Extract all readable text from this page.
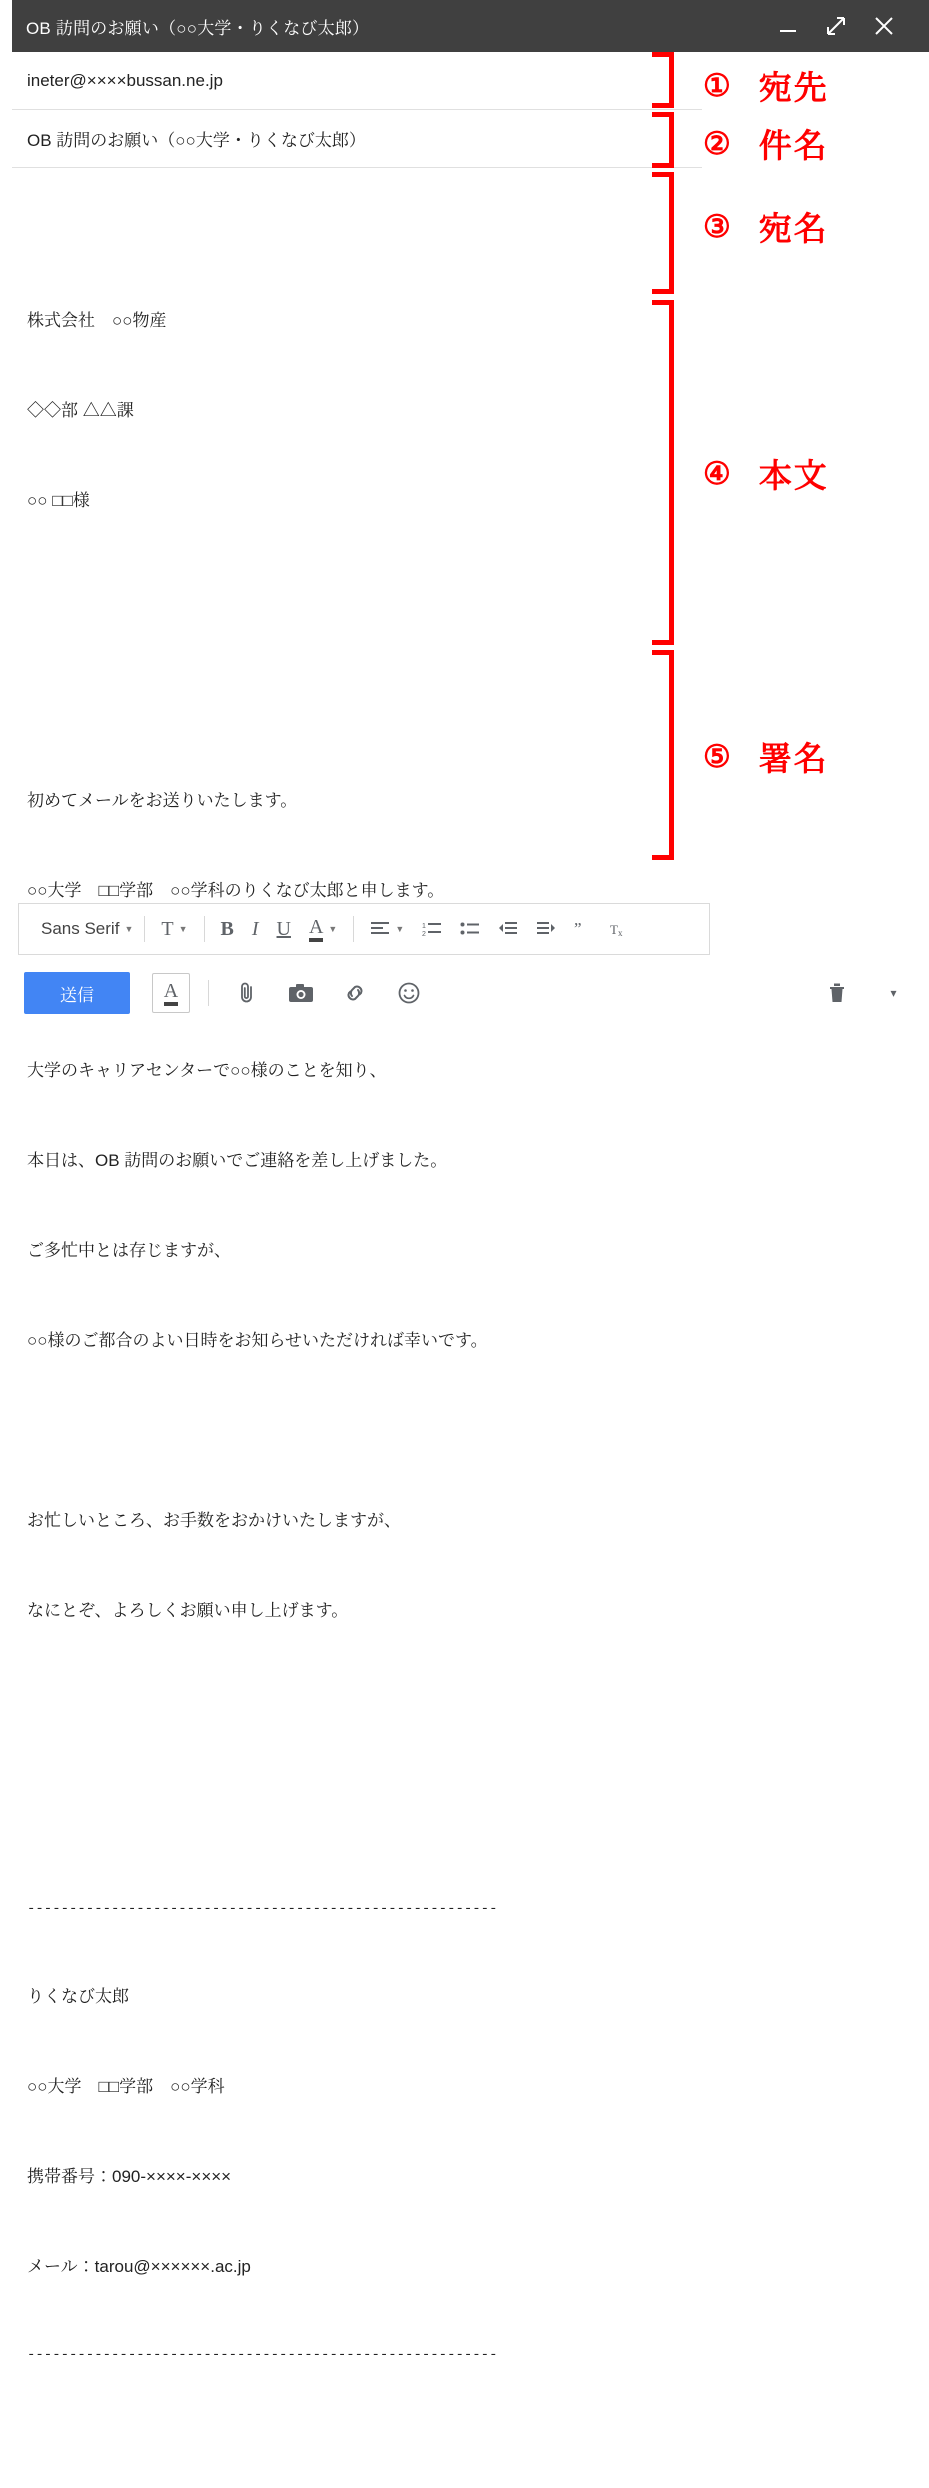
OB 訪問のお願い（○○大学・りくなび太郎）
ineter@××××bussan.ne.jp
OB 訪問のお願い（○○大学・りくなび太郎）

株式会社　○○物産

◇◇部 △△課

○○ □□様

初めてメールをお送りいたします。

○○大学　□□学部　○○学科のりくなび太郎と申します。

大学のキャリアセンターで○○様のことを知り、

本日は、OB 訪問のお願いでご連絡を差し上げました。

ご多忙中とは存じますが、

○○様のご都合のよい日時をお知らせいただければ幸いです。

お忙しいところ、お手数をおかけいたしますが、

なにとぞ、よろしくお願い申し上げます。

--------------------------------------------------------

りくなび太郎

○○大学　□□学部　○○学科

携帯番号：090-××××-××××

メール：tarou@××××××.ac.jp

--------------------------------------------------------

Sans Serif ▼ T ▼	B I U A ▼	▼	1
2	” T x
送信	A	▾
① 宛先
② 件名
③ 宛名
④ 本文
⑤ 署名
